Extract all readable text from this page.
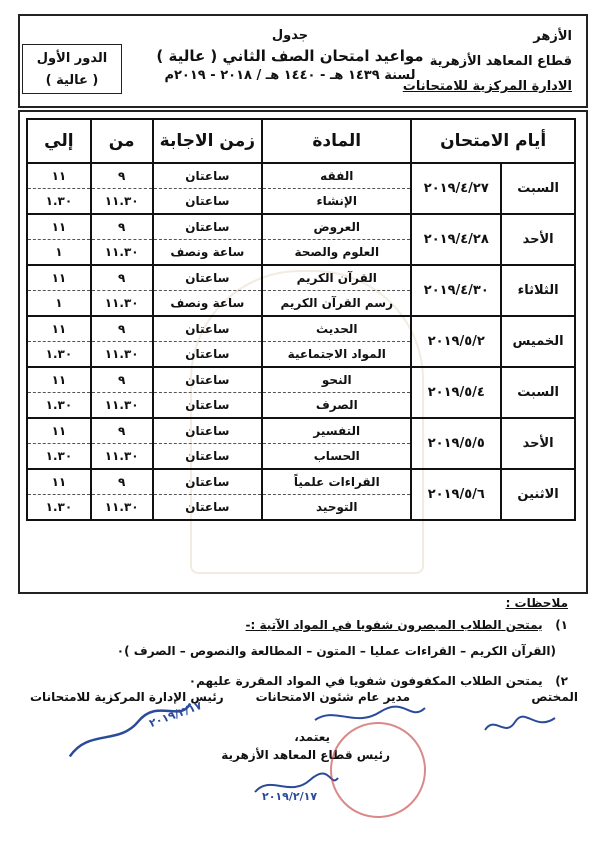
الأزهر
قطاع المعاهد الأزهرية
الادارة المركزية للامتحانات
جدول
مواعيد امتحان الصف الثاني ( عالية )
لسنة ١٤٣٩ هـ - ١٤٤٠ هـ / ٢٠١٨ - ٢٠١٩م
الدور الأول
( عالية )
أيام الامتحان		المادة	زمن الاجابة	من	إلي
السبت	٢٠١٩/٤/٢٧	الفقه	ساعتان	٩	١١
		الإنشاء	ساعتان	١١.٣٠	١.٣٠
الأحد	٢٠١٩/٤/٢٨	العروض	ساعتان	٩	١١
		العلوم والصحة	ساعة ونصف	١١.٣٠	١
الثلاثاء	٢٠١٩/٤/٣٠	القرآن الكريم	ساعتان	٩	١١
		رسم القرآن الكريم	ساعة ونصف	١١.٣٠	١
الخميس	٢٠١٩/٥/٢	الحديث	ساعتان	٩	١١
		المواد الاجتماعية	ساعتان	١١.٣٠	١.٣٠
السبت	٢٠١٩/٥/٤	النحو	ساعتان	٩	١١
		الصرف	ساعتان	١١.٣٠	١.٣٠
الأحد	٢٠١٩/٥/٥	التفسير	ساعتان	٩	١١
		الحساب	ساعتان	١١.٣٠	١.٣٠
الاثنين	٢٠١٩/٥/٦	القراءات علمياً	ساعتان	٩	١١
		التوحيد	ساعتان	١١.٣٠	١.٣٠
ملاحظات :
١)   يمتحن الطلاب المبصرون شفويا في المواد الآتية :-
(القرآن الكريم – القراءات عمليا – المتون – المطالعة والنصوص – الصرف )٠
٢)   يمتحن الطلاب المكفوفون شفويا في المواد المقررة عليهم٠
المختص
مدير عام شئون الامتحانات
رئيس الإدارة المركزية للامتحانات
يعتمد،
رئيس قطاع المعاهد الأزهرية
٢٠١٩/٢/١٧
٢٠١٩/٢/١٧
